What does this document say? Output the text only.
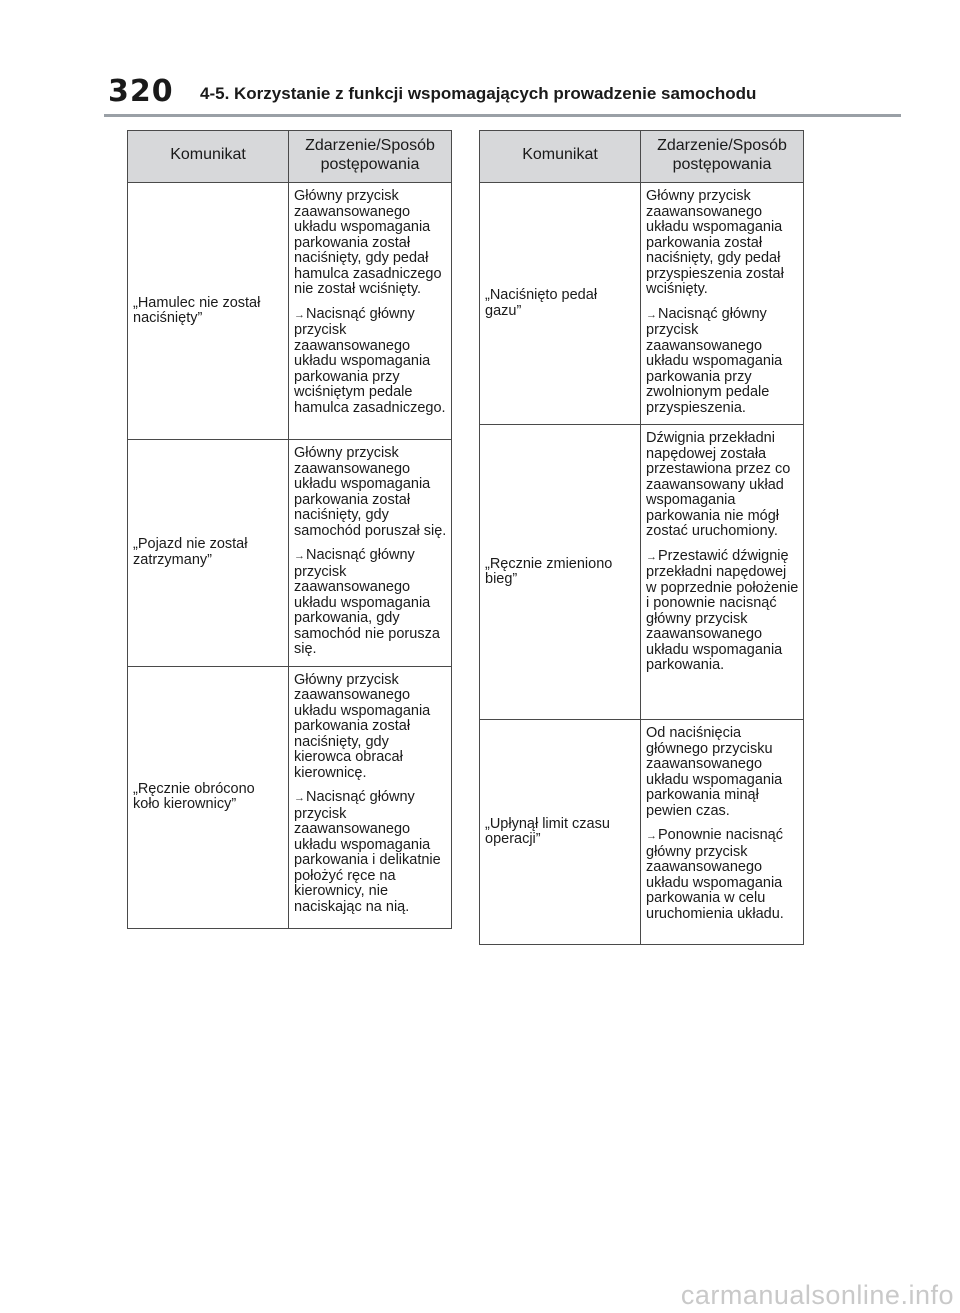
320 4-5. Korzystanie z funkcji wspomagających prowadzenie samochodu
Komunikat	Zdarzenie/Sposób postępowania
„Hamulec nie został naciśnięty”	Główny przycisk zaawansowanego układu wspomagania parkowania został naciśnięty, gdy pedał hamulca zasadniczego nie został wciśnięty.

→Nacisnąć główny przycisk zaawansowanego układu wspomagania parkowania przy wciśniętym pedale hamulca zasadniczego.

„Pojazd nie został zatrzymany”	Główny przycisk zaawansowanego układu wspomagania parkowania został naciśnięty, gdy samochód poruszał się.

→Nacisnąć główny przycisk zaawansowanego układu wspomagania parkowania, gdy samochód nie porusza się.

„Ręcznie obrócono koło kierownicy”	Główny przycisk zaawansowanego układu wspomagania parkowania został naciśnięty, gdy kierowca obracał kierownicę.

→Nacisnąć główny przycisk zaawansowanego układu wspomagania parkowania i delikatnie położyć ręce na kierownicy, nie naciskając na nią.

Komunikat	Zdarzenie/Sposób postępowania
„Naciśnięto pedał gazu”	Główny przycisk zaawansowanego układu wspomagania parkowania został naciśnięty, gdy pedał przyspieszenia został wciśnięty.

→Nacisnąć główny przycisk zaawansowanego układu wspomagania parkowania przy zwolnionym pedale przyspieszenia.

„Ręcznie zmieniono bieg”	Dźwignia przekładni napędowej została przestawiona przez co zaawansowany układ wspomagania parkowania nie mógł zostać uruchomiony.

→Przestawić dźwignię przekładni napędowej w poprzednie położenie i ponownie nacisnąć główny przycisk zaawansowanego układu wspomagania parkowania.

„Upłynął limit czasu operacji”	Od naciśnięcia głównego przycisku zaawansowanego układu wspomagania parkowania minął pewien czas.

→Ponownie nacisnąć główny przycisk zaawansowanego układu wspomagania parkowania w celu uruchomienia układu.

carmanualsonline.info
